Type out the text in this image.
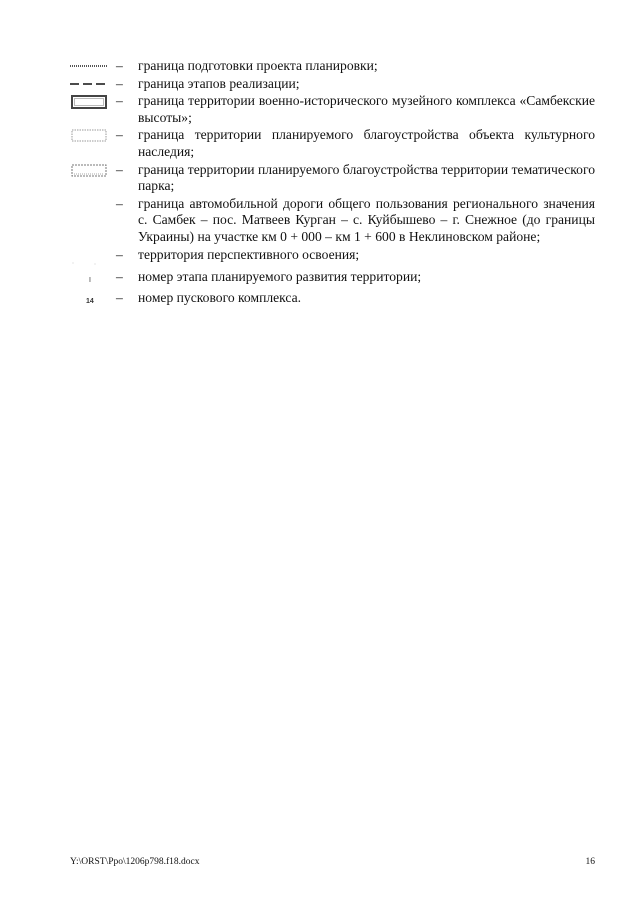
–	граница подготовки проекта планировки;
–	граница этапов реализации;
–	граница территории военно-исторического музейного комплекса «Самбекские высоты»;
–	граница территории планируемого благоустройства объекта культурного наследия;
–	граница территории планируемого благоустройства территории тематического парка;
–	граница автомобильной дороги общего пользования регионального значения с. Самбек – пос. Матвеев Курган – с. Куйбышево – г. Снежное (до границы Украины) на участке км 0 + 000 – км 1 + 600 в Неклиновском районе;
–	территория перспективного освоения;
I –	номер этапа планируемого развития территории;
14 –	номер пускового комплекса.
Y:\ORST\Ppo\1206p798.f18.docx	16
